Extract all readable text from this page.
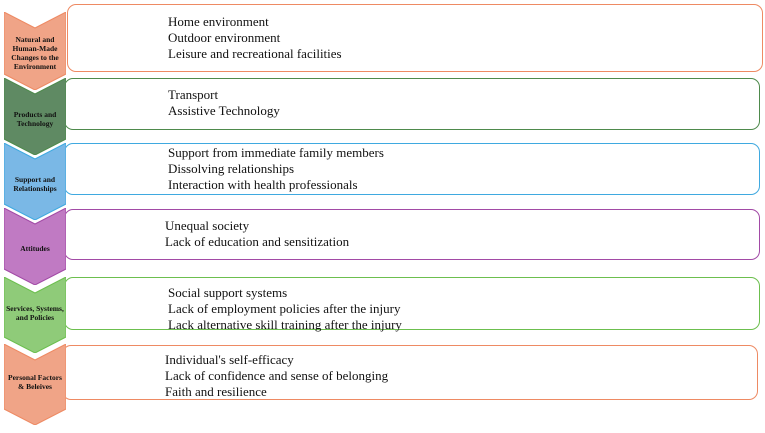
Home environment
Outdoor environment
Leisure and recreational facilities
Natural and Human-Made Changes to the Environment
Transport
Assistive Technology
Products and Technology
Support from immediate family members
Dissolving relationships
Interaction with health professionals
Support and Relationships
Unequal society
Lack of education and sensitization
Attitudes
Social support systems
Lack of employment policies after the injury
Lack alternative skill training after the injury
Services, Systems, and Policies
Individual's self-efficacy
Lack of confidence and sense of belonging
Faith and resilience
Personal Factors & Beleives
